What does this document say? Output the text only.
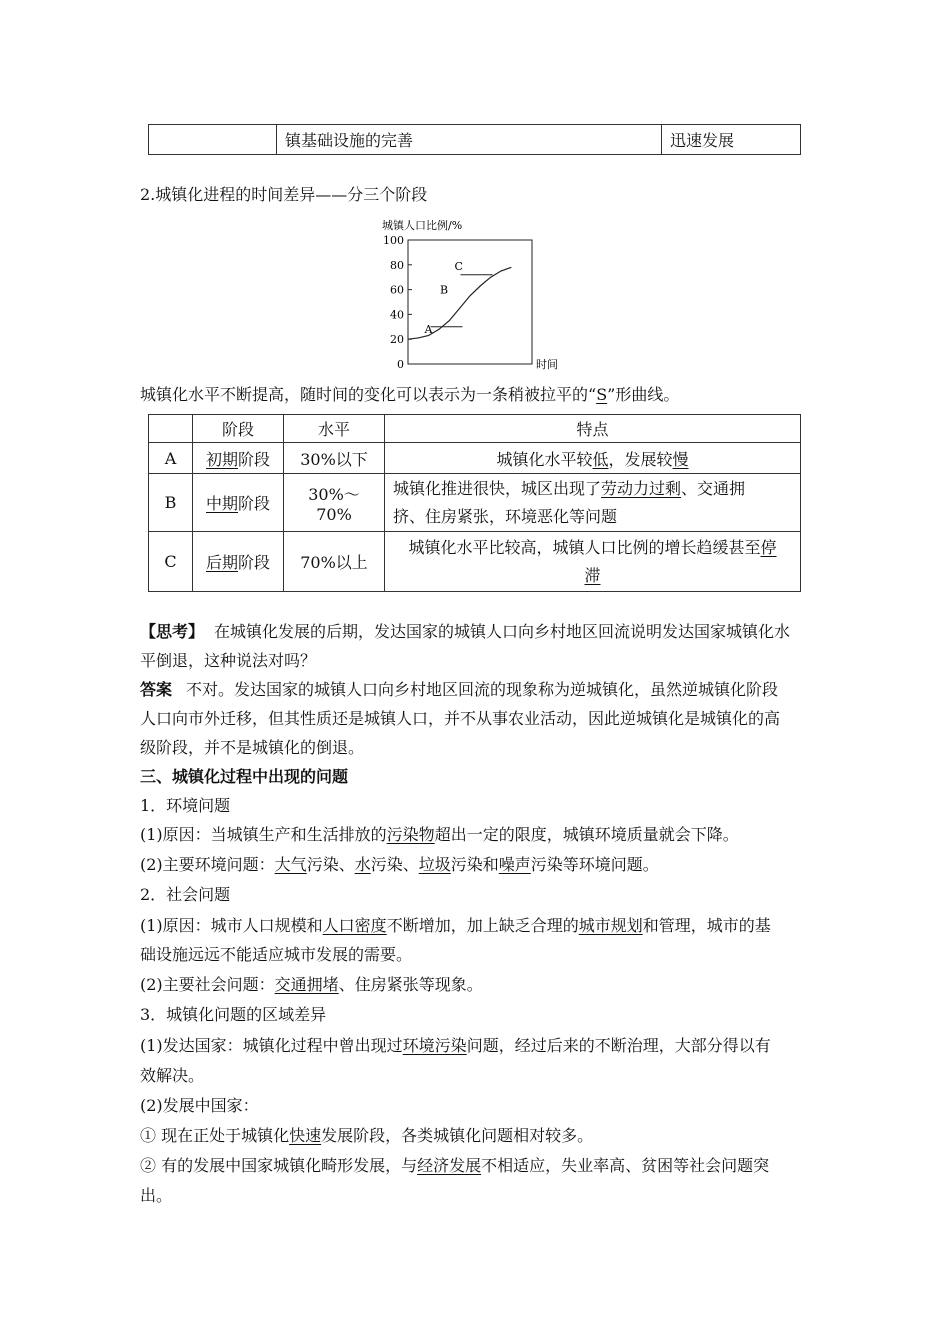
	镇基础设施的完善	迅速发展
2.城镇化进程的时间差异——分三个阶段
城镇人口比例/%
100
80
60
40
20
0
A
B
C
时间
城镇化水平不断提高，随时间的变化可以表示为一条稍被拉平的“S”形曲线。
	阶段	水平	特点
A	初期阶段	30%以下	城镇化水平较低，发展较慢
B	中期阶段	30%～70%	城镇化推进很快，城区出现了劳动力过剩、交通拥
挤、住房紧张，环境恶化等问题

C	后期阶段	70%以上	城镇化水平比较高，城镇人口比例的增长趋缓甚至停
滞
【思考】 在城镇化发展的后期，发达国家的城镇人口向乡村地区回流说明发达国家城镇化水
平倒退，这种说法对吗？
答案 不对。发达国家的城镇人口向乡村地区回流的现象称为逆城镇化，虽然逆城镇化阶段
人口向市外迁移，但其性质还是城镇人口，并不从事农业活动，因此逆城镇化是城镇化的高
级阶段，并不是城镇化的倒退。
三、城镇化过程中出现的问题
1．环境问题
(1)原因：当城镇生产和生活排放的污染物超出一定的限度，城镇环境质量就会下降。
(2)主要环境问题：大气污染、水污染、垃圾污染和噪声污染等环境问题。
2．社会问题
(1)原因：城市人口规模和人口密度不断增加，加上缺乏合理的城市规划和管理，城市的基
础设施远远不能适应城市发展的需要。
(2)主要社会问题：交通拥堵、住房紧张等现象。
3．城镇化问题的区域差异
(1)发达国家：城镇化过程中曾出现过环境污染问题，经过后来的不断治理，大部分得以有
效解决。
(2)发展中国家：
① 现在正处于城镇化快速发展阶段，各类城镇化问题相对较多。
② 有的发展中国家城镇化畸形发展，与经济发展不相适应，失业率高、贫困等社会问题突
出。
